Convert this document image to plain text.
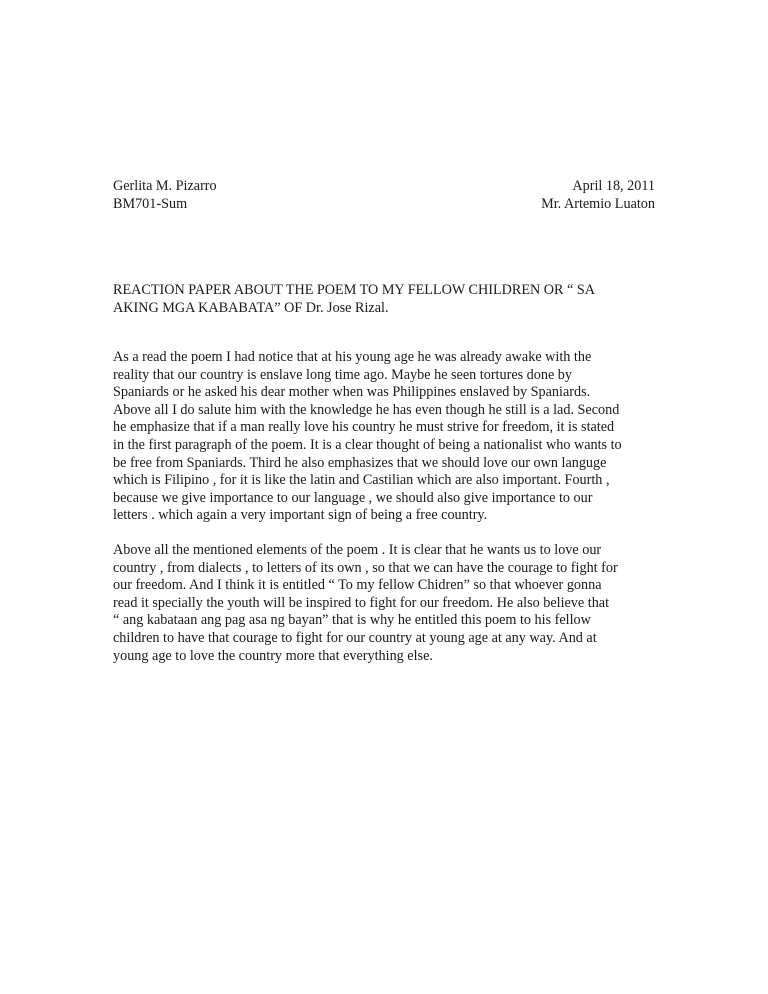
Gerlita M. Pizarro	April 18, 2011
BM701-Sum	Mr. Artemio Luaton
REACTION PAPER ABOUT THE POEM TO MY FELLOW CHILDREN OR “ SA
AKING MGA KABABATA” OF Dr. Jose Rizal.

As a read the poem I had notice that at his young age he was already awake with the
reality that our country is enslave long time ago. Maybe he seen tortures done by
Spaniards or he asked his dear mother when was Philippines enslaved by Spaniards.
Above all I do salute him with the knowledge he has even though he still is a lad. Second
he emphasize that if a man really love his country he must strive for freedom, it is stated
in the first paragraph of the poem. It is a clear thought of being a nationalist who wants to
be free from Spaniards. Third he also emphasizes that we should love our own languge
which is Filipino , for it is like the latin and Castilian which are also important. Fourth ,
because we give importance to our language , we should also give importance to our
letters . which again a very important sign of being a free country.

Above all the mentioned elements of the poem . It is clear that he wants us to love our
country , from dialects , to letters of its own , so that we can have the courage to fight for
our freedom. And I think it is entitled “ To my fellow Chidren” so that whoever gonna
read it specially the youth will be inspired to fight for our freedom. He also believe that
“ ang kabataan ang pag asa ng bayan” that is why he entitled this poem to his fellow
children to have that courage to fight for our country at young age at any way. And at
young age to love the country more that everything else.
